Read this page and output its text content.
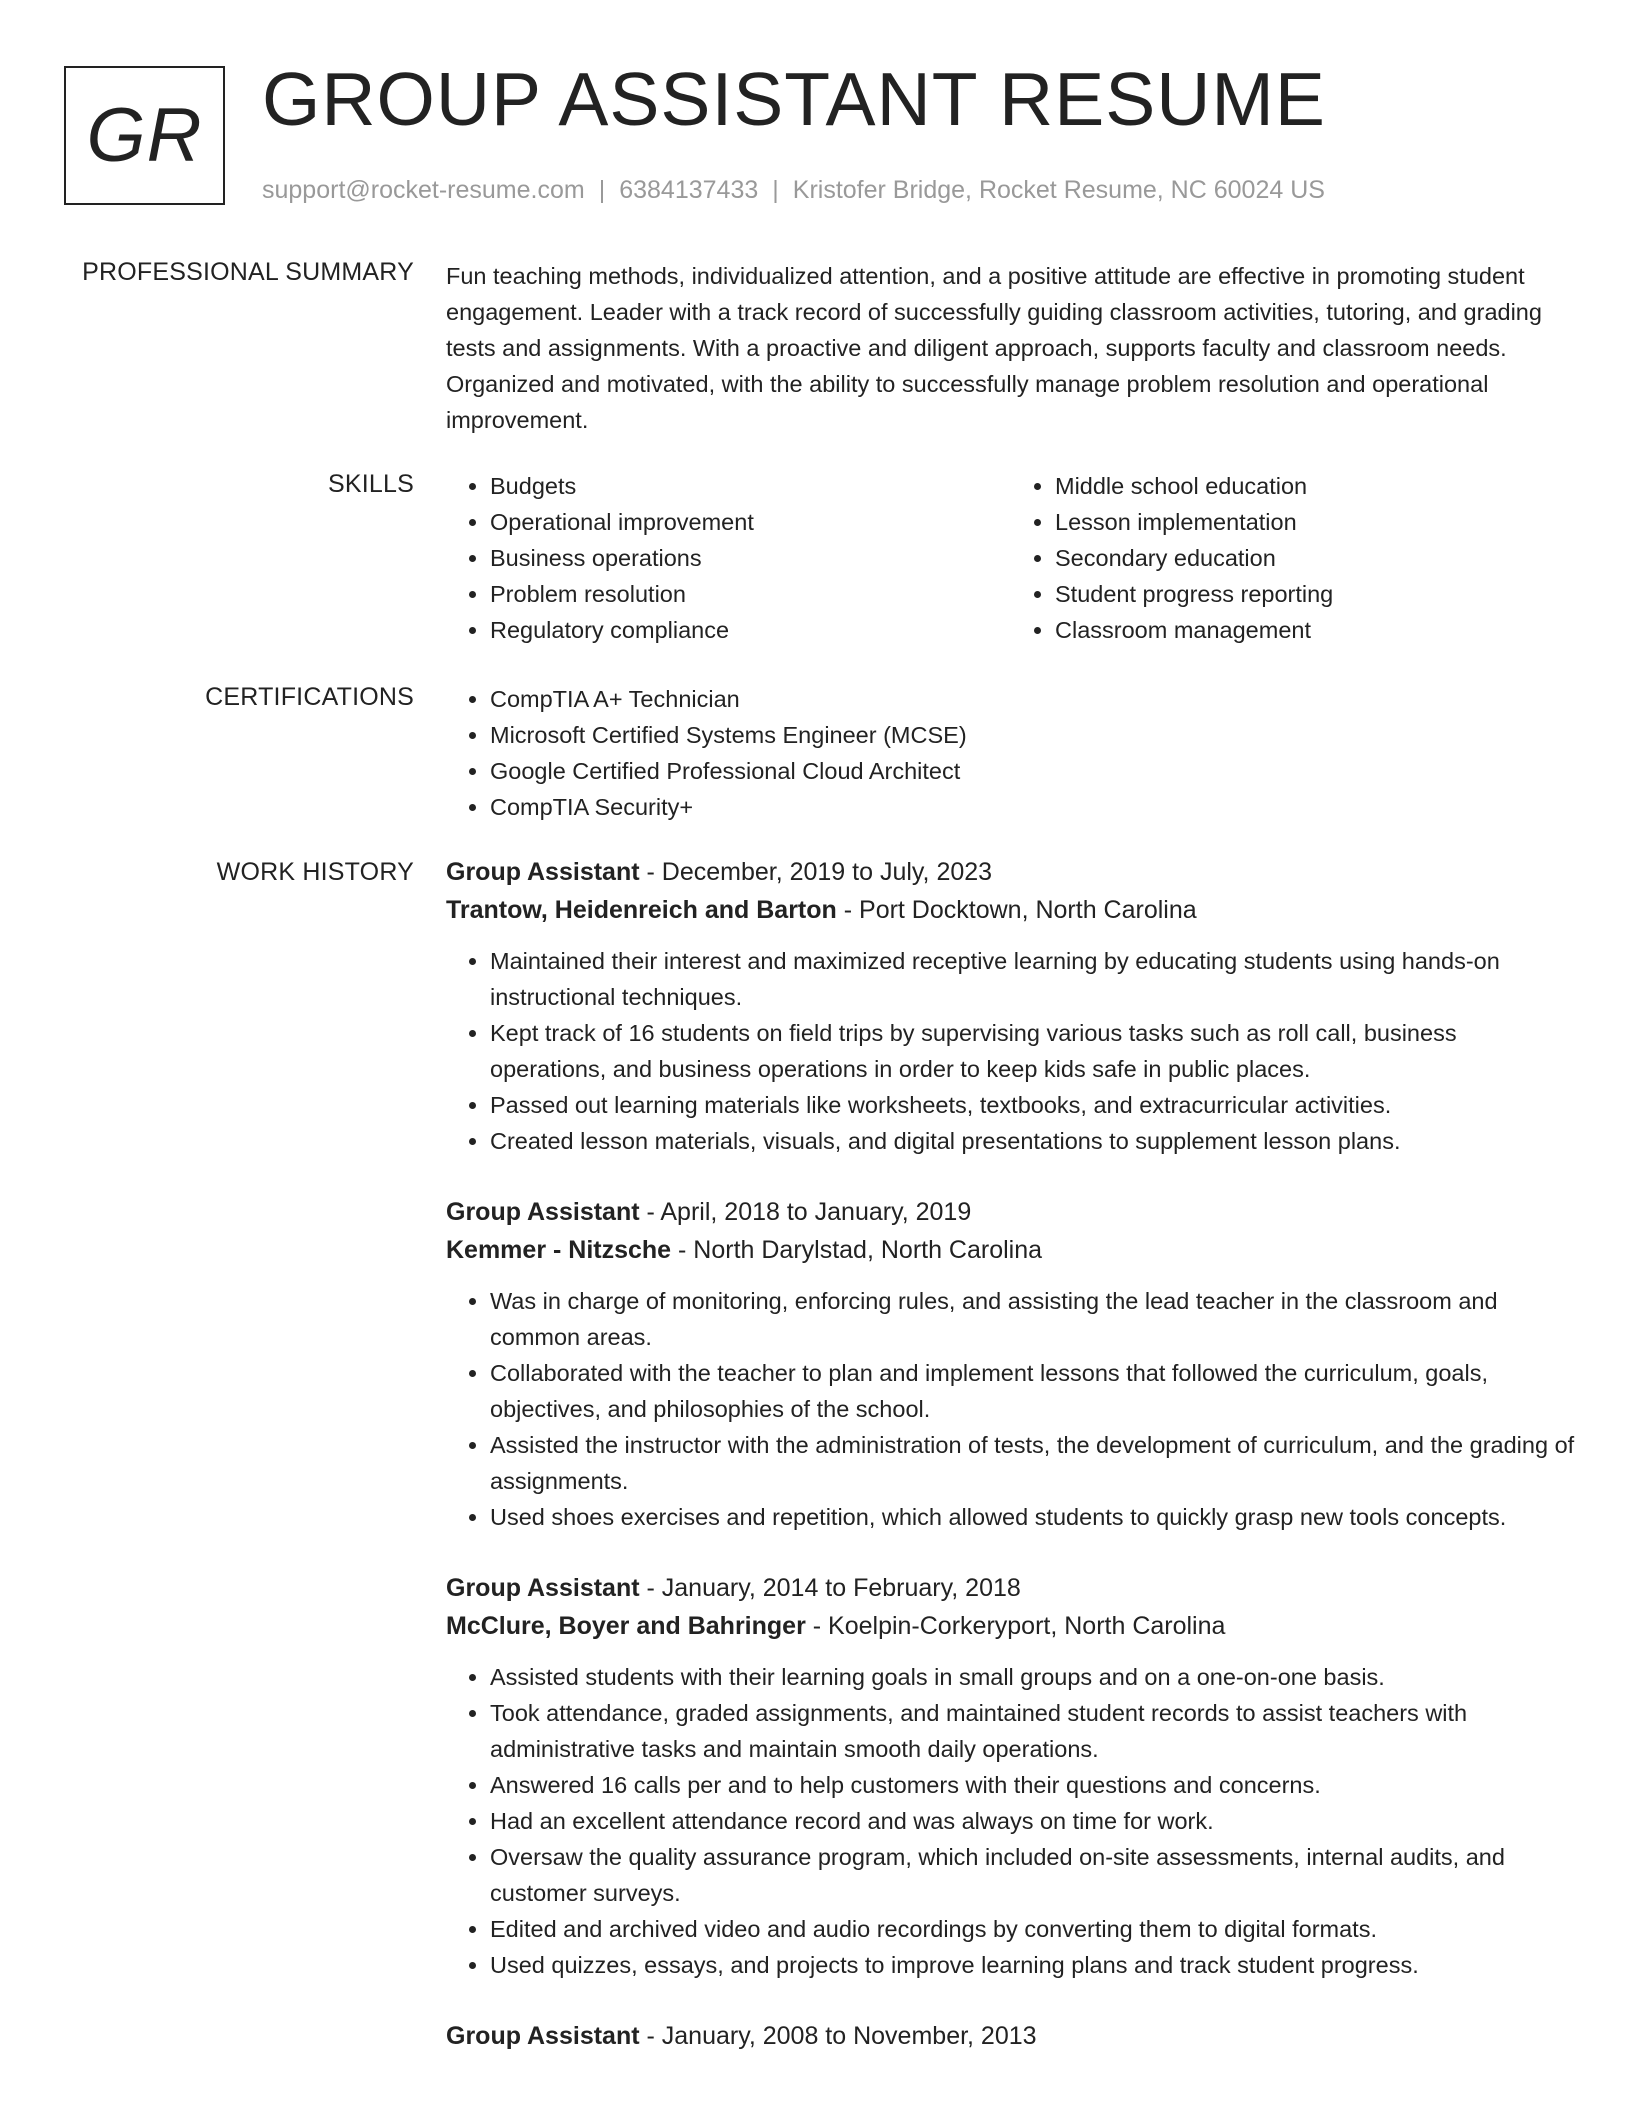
GR GROUP ASSISTANT RESUME
support@rocket-resume.com | 6384137433 | Kristofer Bridge, Rocket Resume, NC 60024 US
PROFESSIONAL SUMMARY Fun teaching methods, individualized attention, and a positive attitude are effective in promoting student engagement. Leader with a track record of successfully guiding classroom activities, tutoring, and grading tests and assignments. With a proactive and diligent approach, supports faculty and classroom needs. Organized and motivated, with the ability to successfully manage problem resolution and operational improvement.

SKILLS	• Budgets
• Operational improvement
• Business operations
• Problem resolution
• Regulatory compliance
• Middle school education
• Lesson implementation
• Secondary education
• Student progress reporting
• Classroom management
CERTIFICATIONS	• CompTIA A+ Technician
• Microsoft Certified Systems Engineer (MCSE)
• Google Certified Professional Cloud Architect
• CompTIA Security+
WORK HISTORY Group Assistant - December, 2019 to July, 2023
Trantow, Heidenreich and Barton - Port Docktown, North Carolina
• Maintained their interest and maximized receptive learning by educating students using hands-on instructional techniques.
• Kept track of 16 students on field trips by supervising various tasks such as roll call, business operations, and business operations in order to keep kids safe in public places.
• Passed out learning materials like worksheets, textbooks, and extracurricular activities.
• Created lesson materials, visuals, and digital presentations to supplement lesson plans.
Group Assistant - April, 2018 to January, 2019
Kemmer - Nitzsche - North Darylstad, North Carolina
• Was in charge of monitoring, enforcing rules, and assisting the lead teacher in the classroom and common areas.
• Collaborated with the teacher to plan and implement lessons that followed the curriculum, goals, objectives, and philosophies of the school.
• Assisted the instructor with the administration of tests, the development of curriculum, and the grading of assignments.
• Used shoes exercises and repetition, which allowed students to quickly grasp new tools concepts.
Group Assistant - January, 2014 to February, 2018
McClure, Boyer and Bahringer - Koelpin-Corkeryport, North Carolina
• Assisted students with their learning goals in small groups and on a one-on-one basis.
• Took attendance, graded assignments, and maintained student records to assist teachers with administrative tasks and maintain smooth daily operations.
• Answered 16 calls per and to help customers with their questions and concerns.
• Had an excellent attendance record and was always on time for work.
• Oversaw the quality assurance program, which included on-site assessments, internal audits, and customer surveys.
• Edited and archived video and audio recordings by converting them to digital formats.
• Used quizzes, essays, and projects to improve learning plans and track student progress.
Group Assistant - January, 2008 to November, 2013
